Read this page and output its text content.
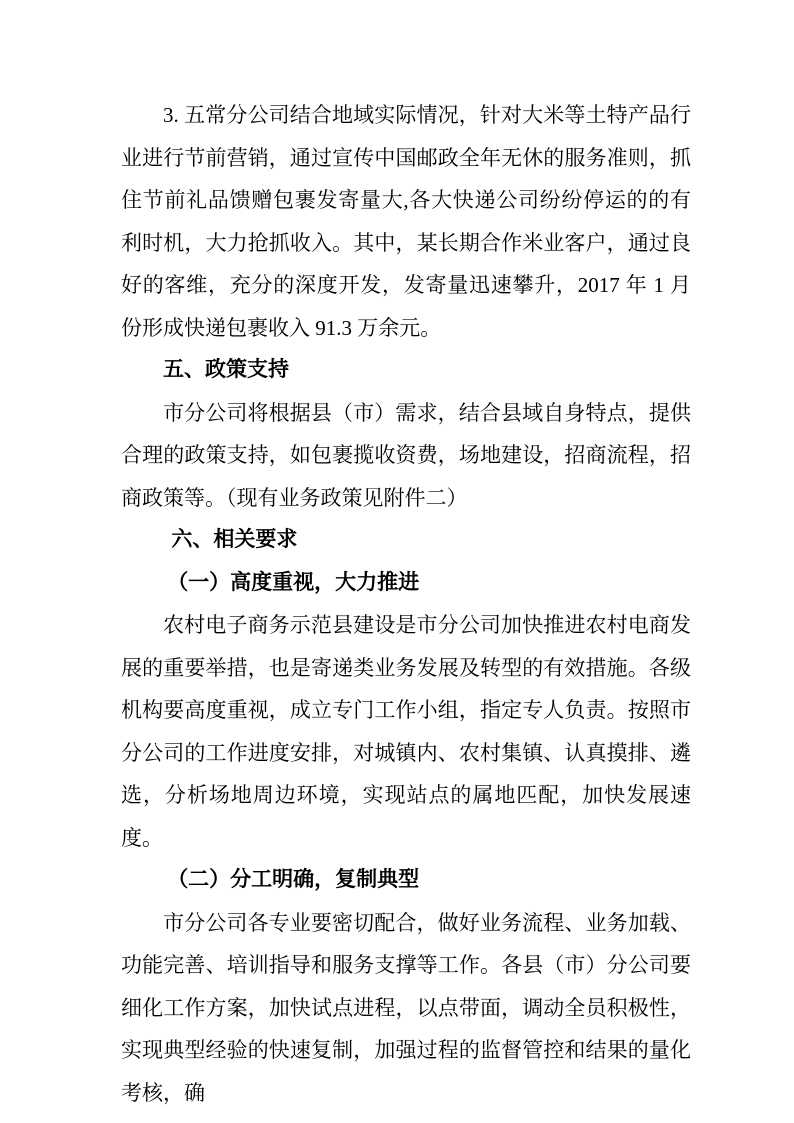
3. 五常分公司结合地域实际情况，针对大米等土特产品行业进行节前营销，通过宣传中国邮政全年无休的服务准则，抓住节前礼品馈赠包裹发寄量大,各大快递公司纷纷停运的的有利时机，大力抢抓收入。其中，某长期合作米业客户，通过良好的客维，充分的深度开发，发寄量迅速攀升，2017 年 1 月份形成快递包裹收入 91.3 万余元。

五、政策支持

市分公司将根据县（市）需求，结合县域自身特点，提供合理的政策支持，如包裹揽收资费，场地建设，招商流程，招商政策等。（现有业务政策见附件二）

六、相关要求
（一）高度重视，大力推进

农村电子商务示范县建设是市分公司加快推进农村电商发展的重要举措，也是寄递类业务发展及转型的有效措施。各级机构要高度重视，成立专门工作小组，指定专人负责。按照市分公司的工作进度安排，对城镇内、农村集镇、认真摸排、遴选，分析场地周边环境，实现站点的属地匹配，加快发展速度。

（二）分工明确，复制典型

市分公司各专业要密切配合，做好业务流程、业务加载、功能完善、培训指导和服务支撑等工作。各县（市）分公司要细化工作方案，加快试点进程，以点带面，调动全员积极性，实现典型经验的快速复制，加强过程的监督管控和结果的量化考核，确
